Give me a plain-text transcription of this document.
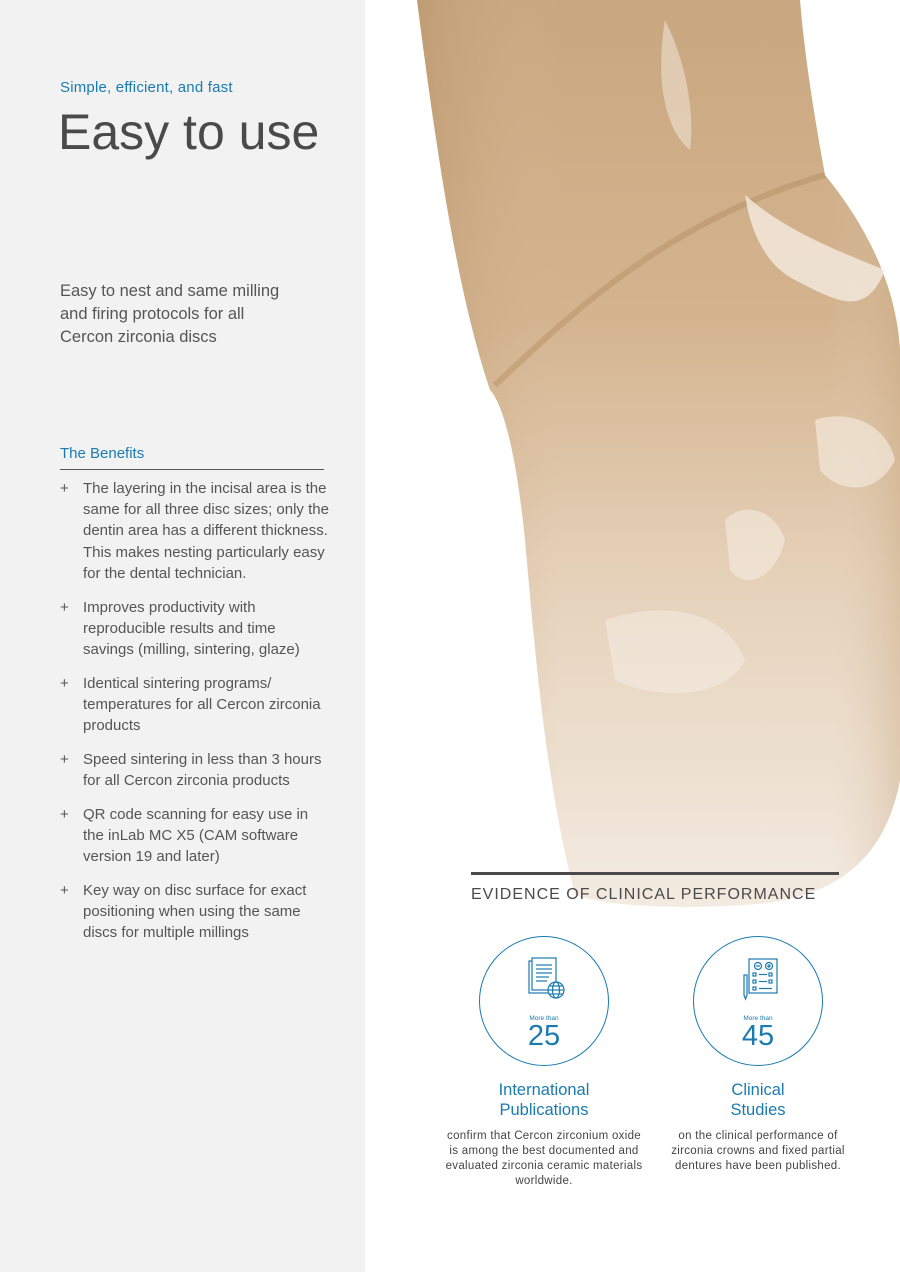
Simple, efficient, and fast
Easy to use
Easy to nest and same milling and firing protocols for all Cercon zirconia discs
The Benefits
+ The layering in the incisal area is the same for all three disc sizes; only the dentin area has a different thickness. This makes nesting particularly easy for the dental technician.
+ Improves productivity with reproducible results and time savings (milling, sintering, glaze)
+ Identical sintering programs/ temperatures for all Cercon zirconia products
+ Speed sintering in less than 3 hours for all Cercon zirconia products
+ QR code scanning for easy use in the inLab MC X5 (CAM software version 19 and later)
+ Key way on disc surface for exact positioning when using the same discs for multiple millings
EVIDENCE OF CLINICAL PERFORMANCE
More than
25
International
Publications
confirm that Cercon zirconium oxide is among the best documented and evaluated zirconia ceramic materials worldwide.
More than
45
Clinical
Studies
on the clinical performance of zirconia crowns and fixed partial dentures have been published.
